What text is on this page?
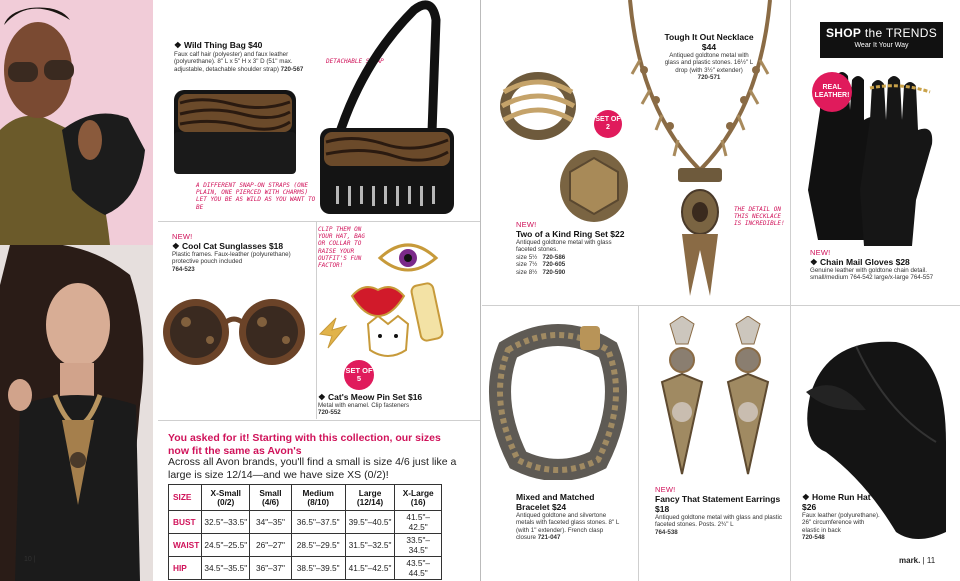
❖ Wild Thing Bag $40
Faux calf hair (polyester) and faux leather (polyurethane). 8" L x 5" H x 3" D (51" max. adjustable, detachable shoulder strap) 720-567
DETACHABLE STRAP
A DIFFERENT SNAP-ON STRAPS (ONE PLAIN, ONE PIERCED WITH CHARMS) LET YOU BE AS WILD AS YOU WANT TO BE
NEW!
❖ Cool Cat Sunglasses $18
Plastic frames. Faux-leather (polyurethane) protective pouch included
764-523
CLIP THEM ON YOUR HAT, BAG OR COLLAR TO RAISE YOUR OUTFIT'S FUN FACTOR!
SET OF 5
❖ Cat's Meow Pin Set $16
Metal with enamel. Clip fasteners
720-552
You asked for it! Starting with this collection, our sizes now fit the same as Avon's
Across all Avon brands, you'll find a small is size 4/6 just like a large is size 12/14—and we have size XS (0/2)!
SIZE	X-Small (0/2)	Small (4/6)	Medium (8/10)	Large (12/14)	X-Large (16)
BUST	32.5"–33.5"	34"–35"	36.5"–37.5"	39.5"–40.5"	41.5"–42.5"
WAIST	24.5"–25.5"	26"–27"	28.5"–29.5"	31.5"–32.5"	33.5"–34.5"
HIP	34.5"–35.5"	36"–37"	38.5"–39.5"	41.5"–42.5"	43.5"–44.5"
10 |
SET OF 2
NEW!
Two of a Kind Ring Set $22
Antiqued goldtone metal with glass faceted stones.
size 5½ 720-586
size 7½ 720-605
size 8½ 720-590
Tough It Out Necklace $44
Antiqued goldtone metal with glass and plastic stones. 16½" L drop (with 3½" extender)
720-571
THE DETAIL ON THIS NECKLACE IS INCREDIBLE!
SHOP the TRENDS
Wear It Your Way
REAL LEATHER!
NEW!
❖ Chain Mail Gloves $28
Genuine leather with goldtone chain detail.
small/medium 764-542 large/x-large 764-557
Mixed and Matched Bracelet $24
Antiqued goldtone and silvertone metals with faceted glass stones. 8" L (with 1" extender). French clasp closure 721-047
NEW!
Fancy That Statement Earrings $18
Antiqued goldtone metal with glass and plastic faceted stones. Posts. 2¾" L
764-538
❖ Home Run Hat $26
Faux leather (polyurethane). 26" circumference with elastic in back
720-548
mark. | 11
